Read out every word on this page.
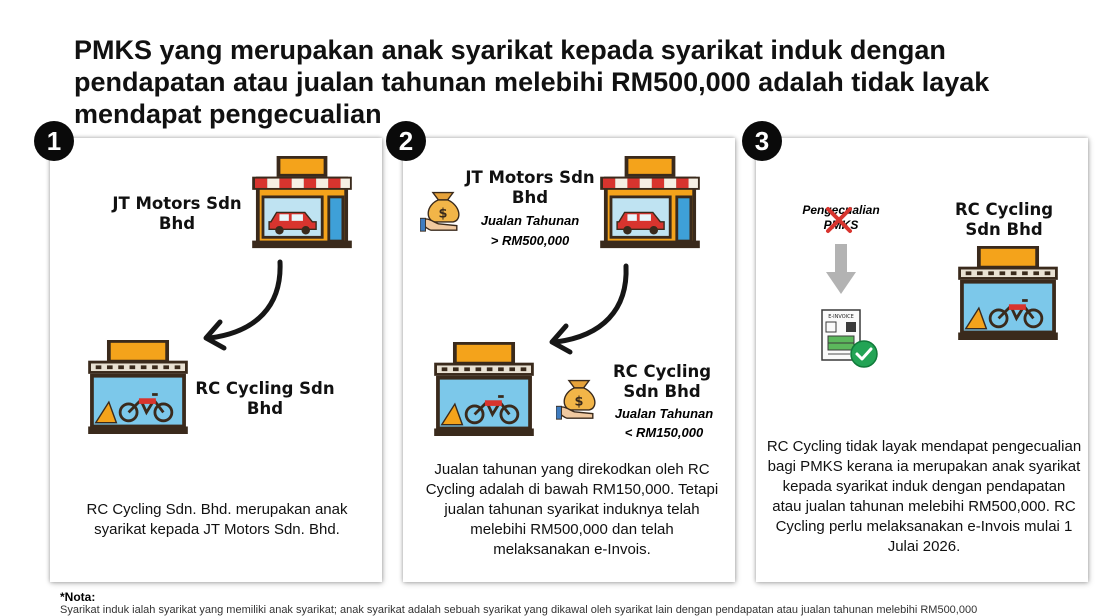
PMKS yang merupakan anak syarikat kepada syarikat induk dengan pendapatan atau jualan tahunan melebihi RM500,000 adalah tidak layak mendapat pengecualian
1
JT Motors Sdn Bhd
RC Cycling Sdn Bhd
RC Cycling Sdn. Bhd. merupakan anak syarikat kepada JT Motors Sdn. Bhd.
2
JT Motors Sdn Bhd
Jualan Tahunan
> RM500,000
RC Cycling Sdn Bhd
Jualan Tahunan
< RM150,000
Jualan tahunan yang direkodkan oleh RC Cycling adalah di bawah RM150,000. Tetapi jualan tahunan syarikat induknya telah melebihi RM500,000 dan telah melaksanakan e-Invois.
3
Pengecualian PMKS
E-INVOICE
RC Cycling Sdn Bhd
RC Cycling tidak layak mendapat pengecualian bagi PMKS kerana ia merupakan anak syarikat kepada syarikat induk dengan pendapatan atau jualan tahunan melebihi RM500,000. RC Cycling perlu melaksanakan e-Invois mulai 1 Julai 2026.
*Nota:
Syarikat induk ialah syarikat yang memiliki anak syarikat; anak syarikat adalah sebuah syarikat yang dikawal oleh syarikat lain dengan pendapatan atau jualan tahunan melebihi RM500,000
